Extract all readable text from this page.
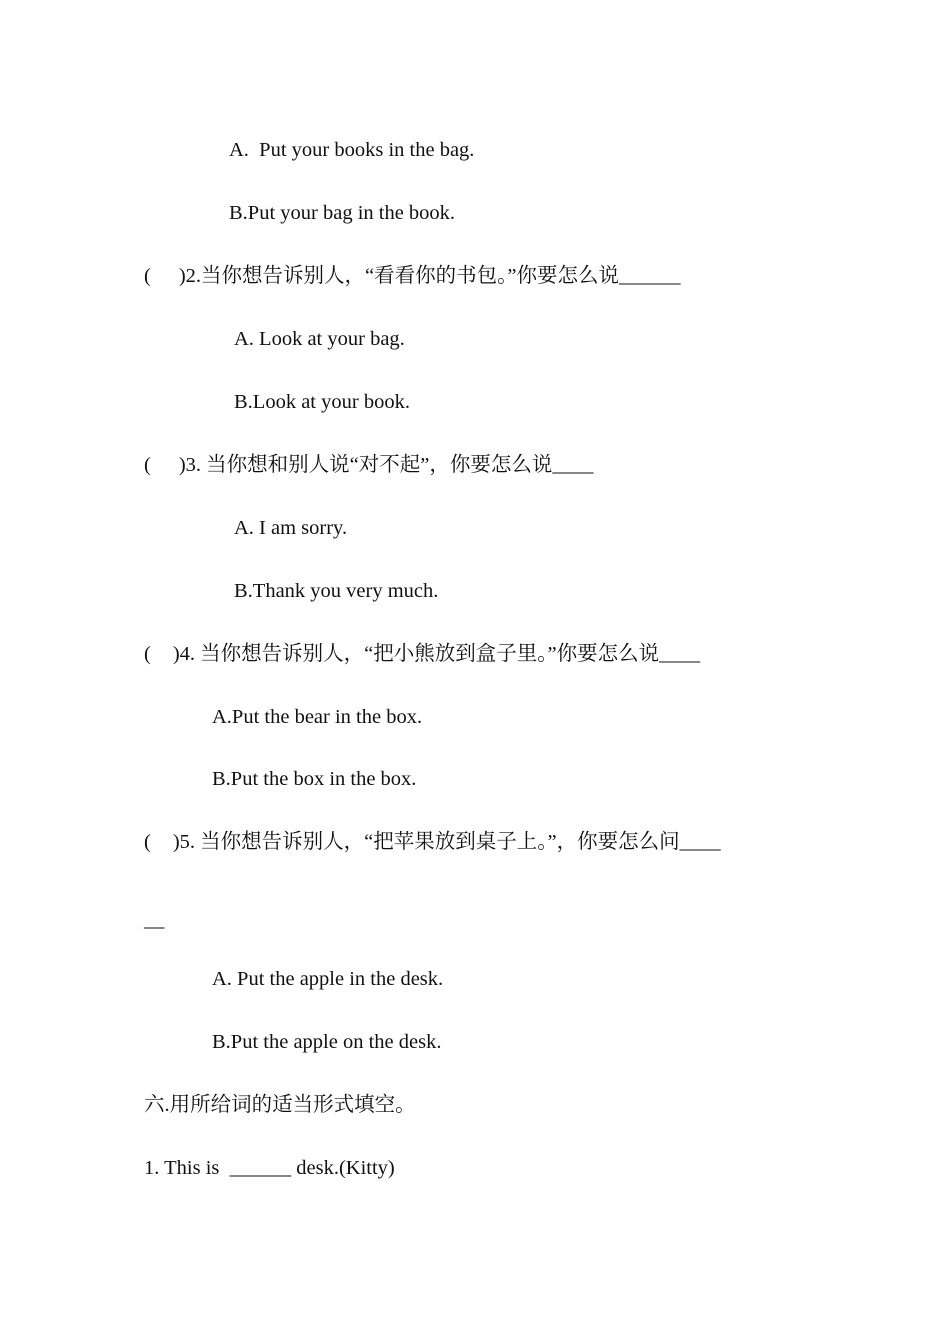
A.  Put your books in the bag.
B.Put your bag in the book.
( )2.当你想告诉别人，“看看你的书包。”你要怎么说______
A. Look at your bag.
B.Look at your book.
( )3. 当你想和别人说“对不起”，你要怎么说____
A. I am sorry.
B.Thank you very much.
( )4. 当你想告诉别人，“把小熊放到盒子里。”你要怎么说____
A.Put the bear in the box.
B.Put the box in the box.
( )5. 当你想告诉别人，“把苹果放到桌子上。”，你要怎么问____
__
A. Put the apple in the desk.
B.Put the apple on the desk.
六.用所给词的适当形式填空。
1. This is  ______ desk.(Kitty)
